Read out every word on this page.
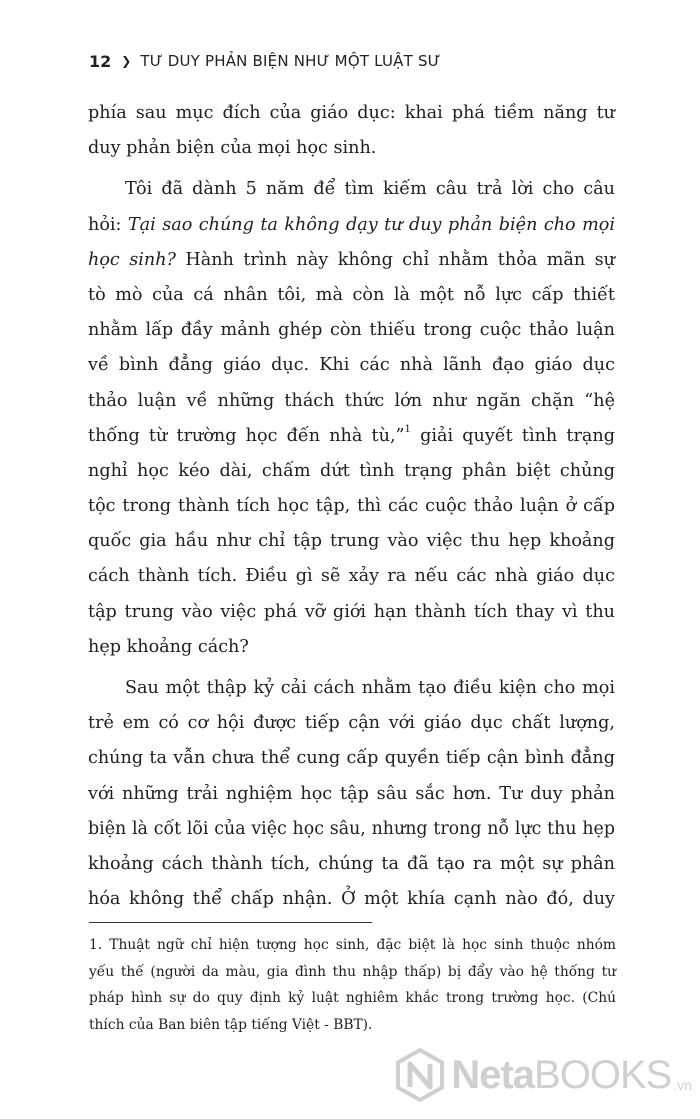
12 ❯ TƯ DUY PHẢN BIỆN NHƯ MỘT LUẬT SƯ
phía sau mục đích của giáo dục: khai phá tiềm năng tư
duy phản biện của mọi học sinh.
Tôi đã dành 5 năm để tìm kiếm câu trả lời cho câu
hỏi: Tại sao chúng ta không dạy tư duy phản biện cho mọi
học sinh? Hành trình này không chỉ nhằm thỏa mãn sự
tò mò của cá nhân tôi, mà còn là một nỗ lực cấp thiết
nhằm lấp đầy mảnh ghép còn thiếu trong cuộc thảo luận
về bình đẳng giáo dục. Khi các nhà lãnh đạo giáo dục
thảo luận về những thách thức lớn như ngăn chặn “hệ
thống từ trường học đến nhà tù,”$^1$ giải quyết tình trạng
nghỉ học kéo dài, chấm dứt tình trạng phân biệt chủng
tộc trong thành tích học tập, thì các cuộc thảo luận ở cấp
quốc gia hầu như chỉ tập trung vào việc thu hẹp khoảng
cách thành tích. Điều gì sẽ xảy ra nếu các nhà giáo dục
tập trung vào việc phá vỡ giới hạn thành tích thay vì thu
hẹp khoảng cách?
Sau một thập kỷ cải cách nhằm tạo điều kiện cho mọi
trẻ em có cơ hội được tiếp cận với giáo dục chất lượng,
chúng ta vẫn chưa thể cung cấp quyền tiếp cận bình đẳng
với những trải nghiệm học tập sâu sắc hơn. Tư duy phản
biện là cốt lõi của việc học sâu, nhưng trong nỗ lực thu hẹp
khoảng cách thành tích, chúng ta đã tạo ra một sự phân
hóa không thể chấp nhận. Ở một khía cạnh nào đó, duy
1. Thuật ngữ chỉ hiện tượng học sinh, đặc biệt là học sinh thuộc nhóm
yếu thế (người da màu, gia đình thu nhập thấp) bị đẩy vào hệ thống tư
pháp hình sự do quy định kỷ luật nghiêm khắc trong trường học. (Chú
thích của Ban biên tập tiếng Việt - BBT).
NetaBOOKS .vn
